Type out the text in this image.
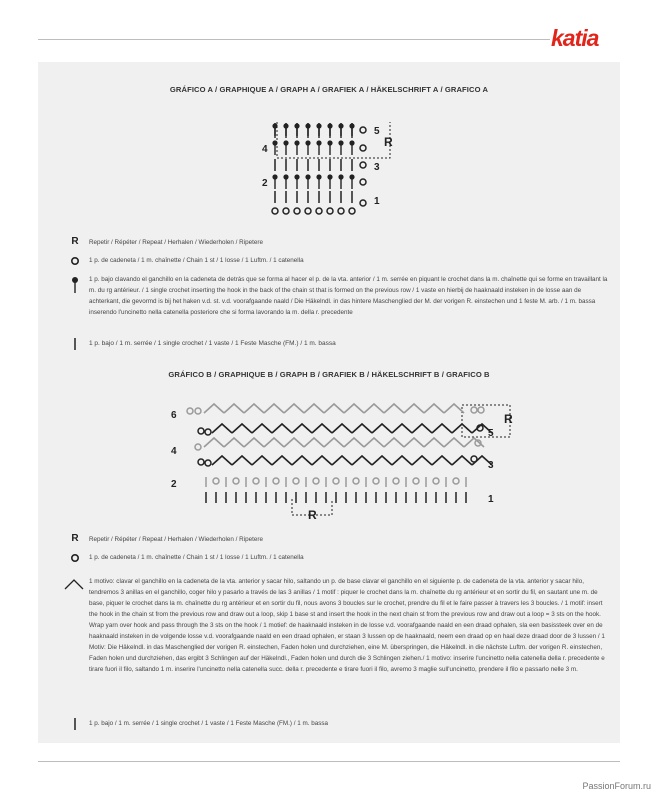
katia
GRÁFICO A / GRAPHIQUE A / GRAPH A / GRAFIEK A / HÄKELSCHRIFT A / GRAFICO A
5
R
4
3
2
1
R	Repetir / Répéter / Repeat / Herhalen / Wiederholen / Ripetere
1 p. de cadeneta / 1 m. chaînette / Chain 1 st / 1 losse / 1 Luftm. / 1 catenella
1 p. bajo clavando el ganchillo en la cadeneta de detrás que se forma al hacer el p. de la vta. anterior / 1 m. serrée en piquant le crochet dans la m. chaînette qui se forme en travaillant la m. du rg antérieur. / 1 single crochet inserting the hook in the back of the chain st that is formed on the previous row / 1 vaste en hierbij de haaknaald insteken in de losse aan de achterkant, die gevormd is bij het haken v.d. st. v.d. voorafgaande naald / Die Häkelndl. in das hintere Maschenglied der M. der vorigen R. einstechen und 1 feste M. arb. / 1 m. bassa inserendo l'uncinetto nella catenella posteriore che si forma lavorando la m. della r. precedente
1 p. bajo / 1 m. serrée / 1 single crochet / 1 vaste / 1 Feste Masche (FM.) / 1 m. bassa
GRÁFICO B / GRAPHIQUE B / GRAPH B / GRAFIEK B / HÄKELSCHRIFT B / GRAFICO B
R
R
6
5
4
3
2
1
R	Repetir / Répéter / Repeat / Herhalen / Wiederholen / Ripetere
1 p. de cadeneta / 1 m. chaînette / Chain 1 st / 1 losse / 1 Luftm. / 1 catenella
1 motivo: clavar el ganchillo en la cadeneta de la vta. anterior y sacar hilo, saltando un p. de base clavar el ganchillo en el siguiente p. de cadeneta de la vta. anterior y sacar hilo, tendremos 3 anillas en el ganchillo, coger hilo y pasarlo a través de las 3 anillas / 1 motif : piquer le crochet dans la m. chaînette du rg antérieur et en sortir du fil, en sautant une m. de base, piquer le crochet dans la m. chaînette du rg antérieur et en sortir du fil, nous avons 3 boucles sur le crochet, prendre du fil et le faire passer à travers les 3 boucles. / 1 motif: insert the hook in the chain st from the previous row and draw out a loop, skip 1 base st and insert the hook in the next chain st from the previous row and draw out a loop = 3 sts on the hook. Wrap yarn over hook and pass through the 3 sts on the hook / 1 motief: de haaknaald insteken in de losse v.d. voorafgaande naald en een draad ophalen, sla een basissteek over en de haaknaald insteken in de volgende losse v.d. voorafgaande naald en een draad ophalen, er staan 3 lussen op de haaknaald, neem een draad op en haal deze draad door de 3 lussen / 1 Motiv: Die Häkelndl. in das Maschenglied der vorigen R. einstechen, Faden holen und durchziehen, eine M. überspringen, die Häkelndl. in die nächste Luftm. der vorigen R. einstechen, Faden holen und durchziehen, das ergibt 3 Schlingen auf der Häkelndl., Faden holen und durch die 3 Schlingen ziehen./ 1 motivo: inserire l'uncinetto nella catenella della r. precedente e tirare fuori il filo, saltando 1 m. inserire l'uncinetto nella catenella succ. della r. precedente e tirare fuori il filo, avremo 3 maglie sull'uncinetto, prendere il filo e passarlo nelle 3 m.
1 p. bajo / 1 m. serrée / 1 single crochet / 1 vaste / 1 Feste Masche (FM.) / 1 m. bassa
PassionForum.ru
